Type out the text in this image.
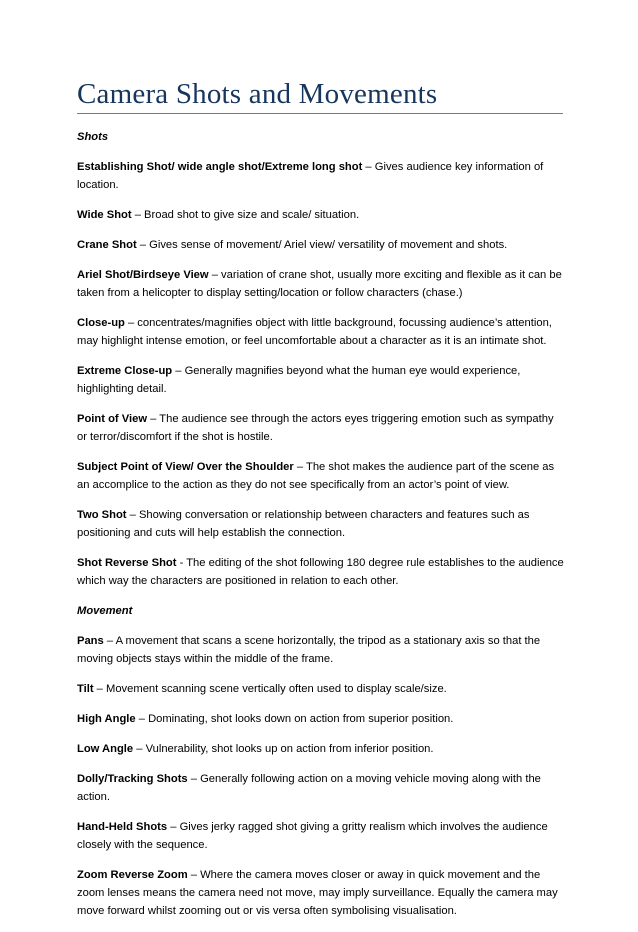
Camera Shots and Movements
Shots

Establishing Shot/ wide angle shot/Extreme long shot – Gives audience key information of location.

Wide Shot – Broad shot to give size and scale/ situation.

Crane Shot – Gives sense of movement/ Ariel view/ versatility of movement and shots.

Ariel Shot/Birdseye View – variation of crane shot, usually more exciting and flexible as it can be taken from a helicopter to display setting/location or follow characters (chase.)

Close-up – concentrates/magnifies object with little background, focussing audience’s attention, may highlight intense emotion, or feel uncomfortable about a character as it is an intimate shot.

Extreme Close-up – Generally magnifies beyond what the human eye would experience, highlighting detail.

Point of View – The audience see through the actors eyes triggering emotion such as sympathy or terror/discomfort if the shot is hostile.

Subject Point of View/ Over the Shoulder – The shot makes the audience part of the scene as an accomplice to the action as they do not see specifically from an actor’s point of view.

Two Shot – Showing conversation or relationship between characters and features such as positioning and cuts will help establish the connection.

Shot Reverse Shot - The editing of the shot following 180 degree rule establishes to the audience which way the characters are positioned in relation to each other.

Movement

Pans – A movement that scans a scene horizontally, the tripod as a stationary axis so that the moving objects stays within the middle of the frame.

Tilt – Movement scanning scene vertically often used to display scale/size.

High Angle – Dominating, shot looks down on action from superior position.

Low Angle – Vulnerability, shot looks up on action from inferior position.

Dolly/Tracking Shots – Generally following action on a moving vehicle moving along with the action.

Hand-Held Shots – Gives jerky ragged shot giving a gritty realism which involves the audience closely with the sequence.

Zoom Reverse Zoom – Where the camera moves closer or away in quick movement and the zoom lenses means the camera need not move, may imply surveillance. Equally the camera may move forward whilst zooming out or vis versa often symbolising visualisation.
